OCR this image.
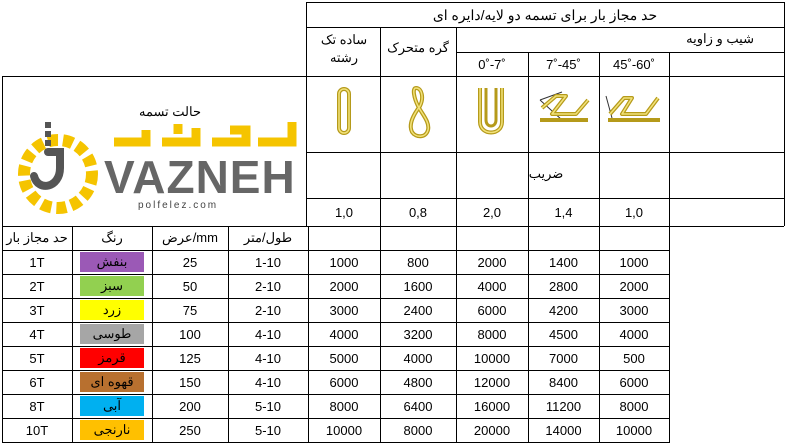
حد مجاز بار برای تسمه دو لایه/دایره ای
ساده تک رشته
گره متحرک
شیب و زاویه
0˚-7˚	7˚-45˚	45˚-60˚
حالت تسمه
ضریب
1,0	0,8	2,0	1,4	1,0
VAZNEH
polfelez.com
حد مجاز بار	رنگ	عرض/mm	طول/متر
1T	بنفش	25	1-10	1000	800	2000	1400	1000
2T	سبز	50	2-10	2000	1600	4000	2800	2000
3T	زرد	75	2-10	3000	2400	6000	4200	3000
4T	طوسی	100	4-10	4000	3200	8000	4500	4000
5T	قرمز	125	4-10	5000	4000	10000	7000	500
6T	قهوه ای	150	4-10	6000	4800	12000	8400	6000
8T	آبی	200	5-10	8000	6400	16000	11200	8000
10T	نارنجی	250	5-10	10000	8000	20000	14000	10000
